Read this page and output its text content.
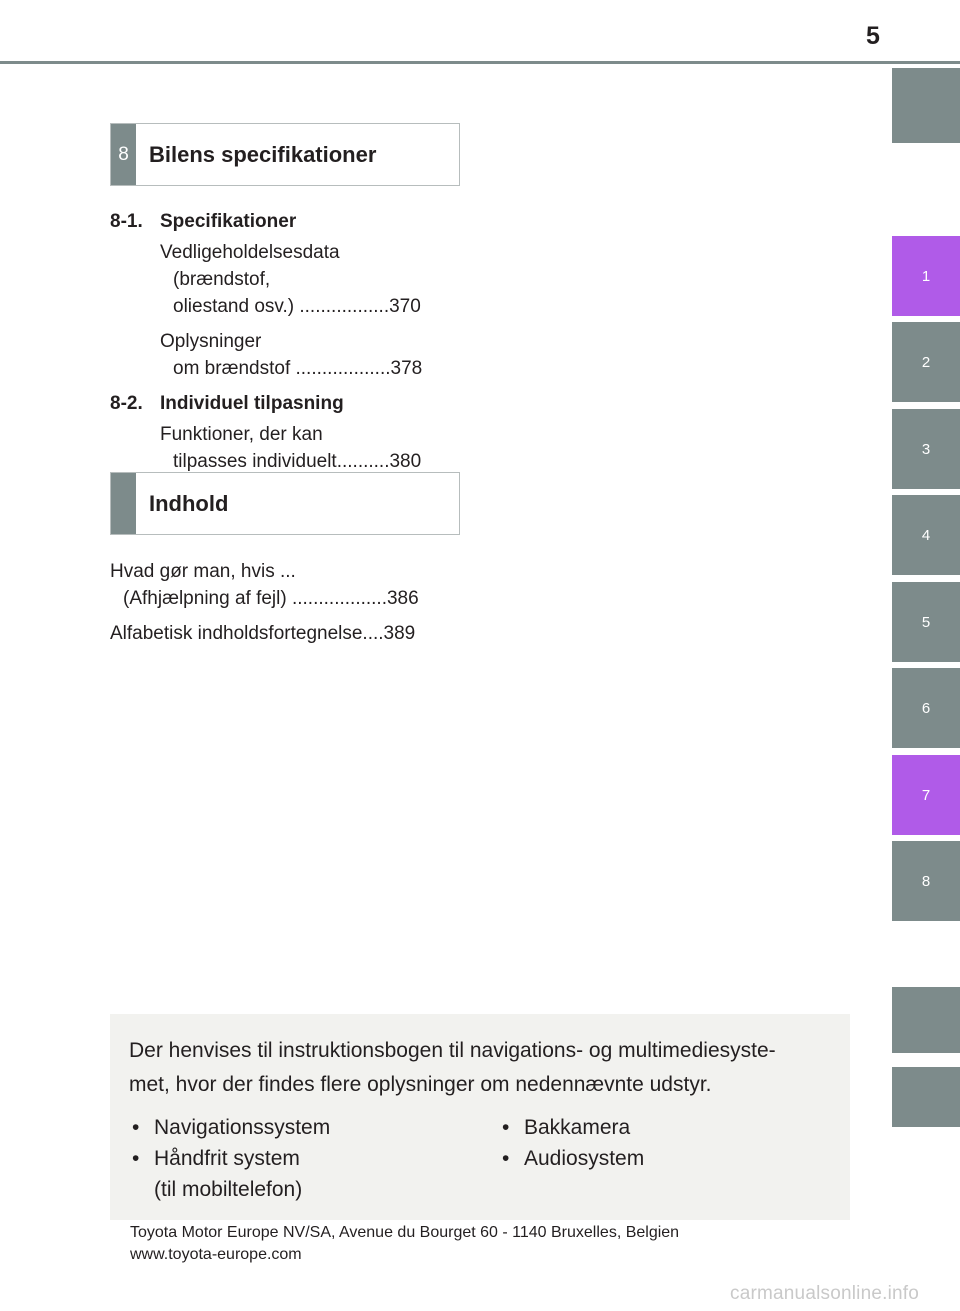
5
1
2
3
4
5
6
7
8
8 Bilens specifikationer
8-1. Specifikationer
Vedligeholdelsesdata
(brændstof,
oliestand osv.) .................370
Oplysninger
om brændstof ..................378
8-2. Individuel tilpasning
Funktioner, der kan
tilpasses individuelt..........380
Indhold
Hvad gør man, hvis ...
(Afhjælpning af fejl) ..................386
Alfabetisk indholdsfortegnelse....389

Der henvises til instruktionsbogen til navigations- og multimediesyste-
met, hvor der findes flere oplysninger om nedennævnte udstyr.

• Navigationssystem
• Håndfrit system
(til mobiltelefon)
• Bakkamera
• Audiosystem
Toyota Motor Europe NV/SA, Avenue du Bourget 60 - 1140 Bruxelles, Belgien
www.toyota-europe.com
carmanualsonline.info
